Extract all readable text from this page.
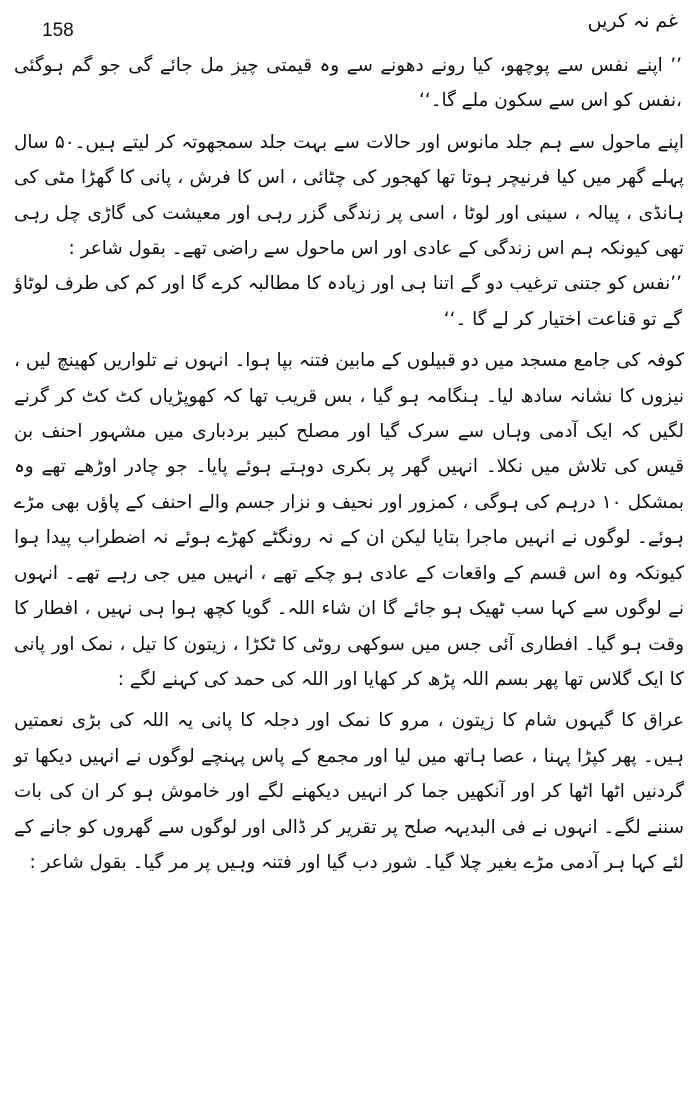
158	غم نہ کریں

’’ اپنے نفس سے پوچھو، کیا رونے دھونے سے وہ قیمتی چیز مل جائے گی جو گم ہوگئی ،نفس کو اس سے سکون ملے گا۔‘‘

اپنے ماحول سے ہم جلد مانوس اور حالات سے بہت جلد سمجھوتہ کر لیتے ہیں۔۵۰ سال پہلے گھر میں کیا فرنیچر ہوتا تھا کھجور کی چٹائی ، اس کا فرش ، پانی کا گھڑا مٹی کی ہانڈی ، پیالہ ، سینی اور لوٹا ، اسی پر زندگی گزر رہی اور معیشت کی گاڑی چل رہی تھی کیونکہ ہم اس زندگی کے عادی اور اس ماحول سے راضی تھے۔ بقول شاعر :

’’نفس کو جتنی ترغیب دو گے اتنا ہی اور زیادہ کا مطالبہ کرے گا اور کم کی طرف لوٹاؤ گے تو قناعت اختیار کر لے گا ۔‘‘

کوفہ کی جامع مسجد میں دو قبیلوں کے مابین فتنہ بپا ہوا۔ انہوں نے تلواریں کھینچ لیں ، نیزوں کا نشانہ سادھ لیا۔ ہنگامہ ہو گیا ، بس قریب تھا کہ کھوپڑیاں کٹ کٹ کر گرنے لگیں کہ ایک آدمی وہاں سے سرک گیا اور مصلح کبیر بردباری میں مشہور احنف بن قیس کی تلاش میں نکلا۔ انہیں گھر پر بکری دوہتے ہوئے پایا۔ جو چادر اوڑھے تھے وہ بمشکل ۱۰ درہم کی ہوگی ، کمزور اور نحیف و نزار جسم والے احنف کے پاؤں بھی مڑے ہوئے۔ لوگوں نے انہیں ماجرا بتایا لیکن ان کے نہ رونگٹے کھڑے ہوئے نہ اضطراب پیدا ہوا کیونکہ وہ اس قسم کے واقعات کے عادی ہو چکے تھے ، انہیں میں جی رہے تھے۔ انہوں نے لوگوں سے کہا سب ٹھیک ہو جائے گا ان شاء اللہ۔ گویا کچھ ہوا ہی نہیں ، افطار کا وقت ہو گیا۔ افطاری آئی جس میں سوکھی روٹی کا ٹکڑا ، زیتون کا تیل ، نمک اور پانی کا ایک گلاس تھا پھر بسم اللہ پڑھ کر کھایا اور اللہ کی حمد کی کہنے لگے :

عراق کا گیہوں شام کا زیتون ، مرو کا نمک اور دجلہ کا پانی یہ اللہ کی بڑی نعمتیں ہیں۔ پھر کپڑا پہنا ، عصا ہاتھ میں لیا اور مجمع کے پاس پہنچے لوگوں نے انہیں دیکھا تو گردنیں اٹھا اٹھا کر اور آنکھیں جما کر انہیں دیکھنے لگے اور خاموش ہو کر ان کی بات سننے لگے۔ انہوں نے فی البدیہہ صلح پر تقریر کر ڈالی اور لوگوں سے گھروں کو جانے کے لئے کہا ہر آدمی مڑے بغیر چلا گیا۔ شور دب گیا اور فتنہ وہیں پر مر گیا۔ بقول شاعر :
